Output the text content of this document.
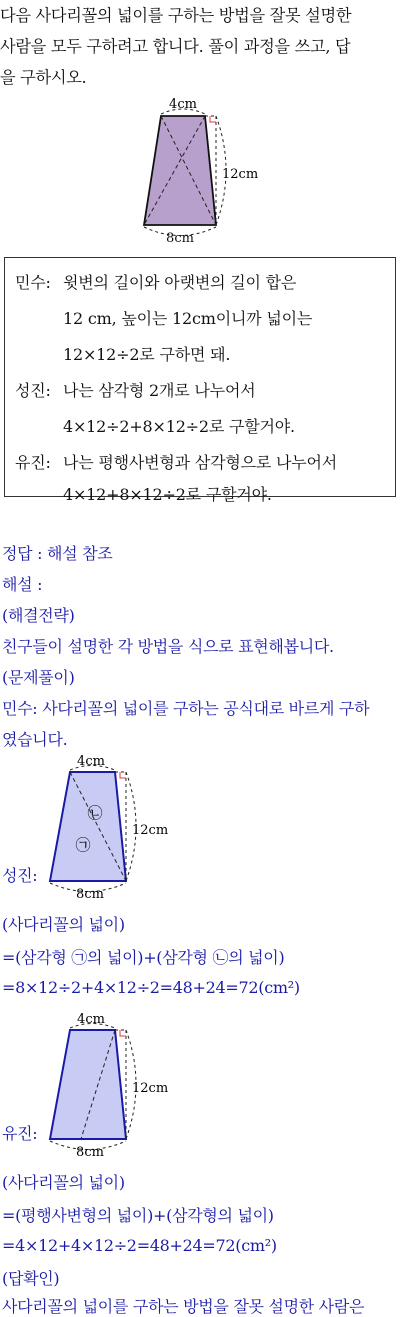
다음 사다리꼴의 넓이를 구하는 방법을 잘못 설명한
사람을 모두 구하려고 합니다. 풀이 과정을 쓰고, 답
을 구하시오.
4cm
12cm
8cm
민수: 윗변의 길이와 아랫변의 길이 합은
12 cm, 높이는 12cm이니까 넓이는
12×12÷2로 구하면 돼.
성진: 나는 삼각형 2개로 나누어서
4×12÷2+8×12÷2로 구할거야.
유진: 나는 평행사변형과 삼각형으로 나누어서
4×12+8×12÷2로 구할거야.
정답 : 해설 참조
해설 :
(해결전략)
친구들이 설명한 각 방법을 식으로 표현해봅니다.
(문제풀이)
민수: 사다리꼴의 넓이를 구하는 공식대로 바르게 구하
였습니다.
4cm
12cm
8cm
㉡
㉠
성진:
(사다리꼴의 넓이)
=(삼각형 ㉠의 넓이)+(삼각형 ㉡의 넓이)
=8×12÷2+4×12÷2=48+24=72(cm²)
4cm
12cm
8cm
유진:
(사다리꼴의 넓이)
=(평행사변형의 넓이)+(삼각형의 넓이)
=4×12+4×12÷2=48+24=72(cm²)
(답확인)
사다리꼴의 넓이를 구하는 방법을 잘못 설명한 사람은
